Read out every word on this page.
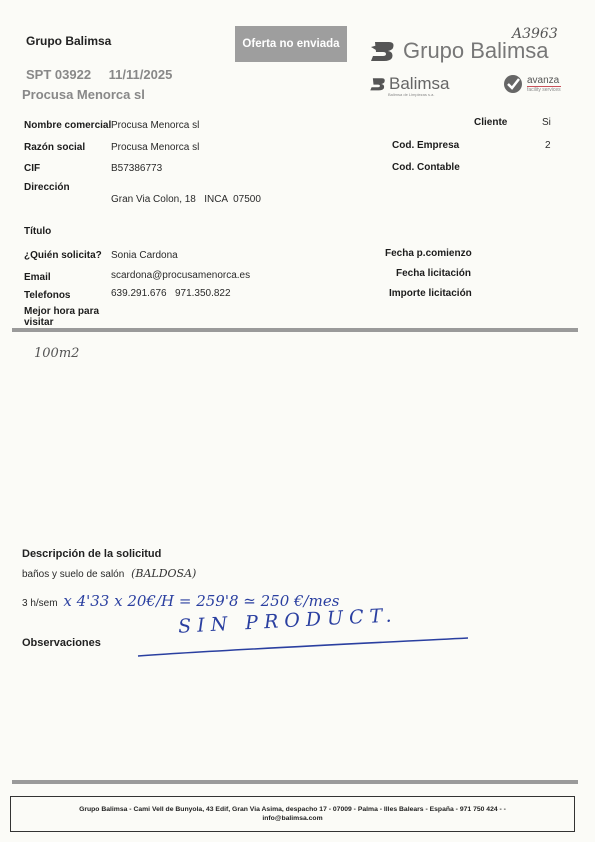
Grupo Balimsa	Oferta no enviada
SPT 03922 11/11/2025
Procusa Menorca sl
Grupo Balimsa
A3963
Balimsa
Balimsa de Limpiezas s.a.
avanza
facility services
Nombre comercial Procusa Menorca sl
Razón social	Procusa Menorca sl
CIF	B57386773
Dirección
Gran Via Colon, 18   INCA  07500
Título
¿Quién solicita? Sonia Cardona
Email	scardona@procusamenorca.es
Telefonos	639.291.676   971.350.822
Mejor hora para
visitar
Cliente	Si
Cod. Empresa	2
Cod. Contable
Fecha p.comienzo
Fecha licitación
Importe licitación
100m2
Descripción de la solicitud
baños y suelo de salón (BALDOSA)
3 h/sem x 4'33 x 20€/H = 259'8 ≃ 250 €/mes
SIN PRODUCT.
Observaciones
Grupo Balimsa - Cami Vell de Bunyola, 43 Edif, Gran Via Asima, despacho 17 - 07009 - Palma - Illes Balears - España - 971 750 424 - -
info@balimsa.com
